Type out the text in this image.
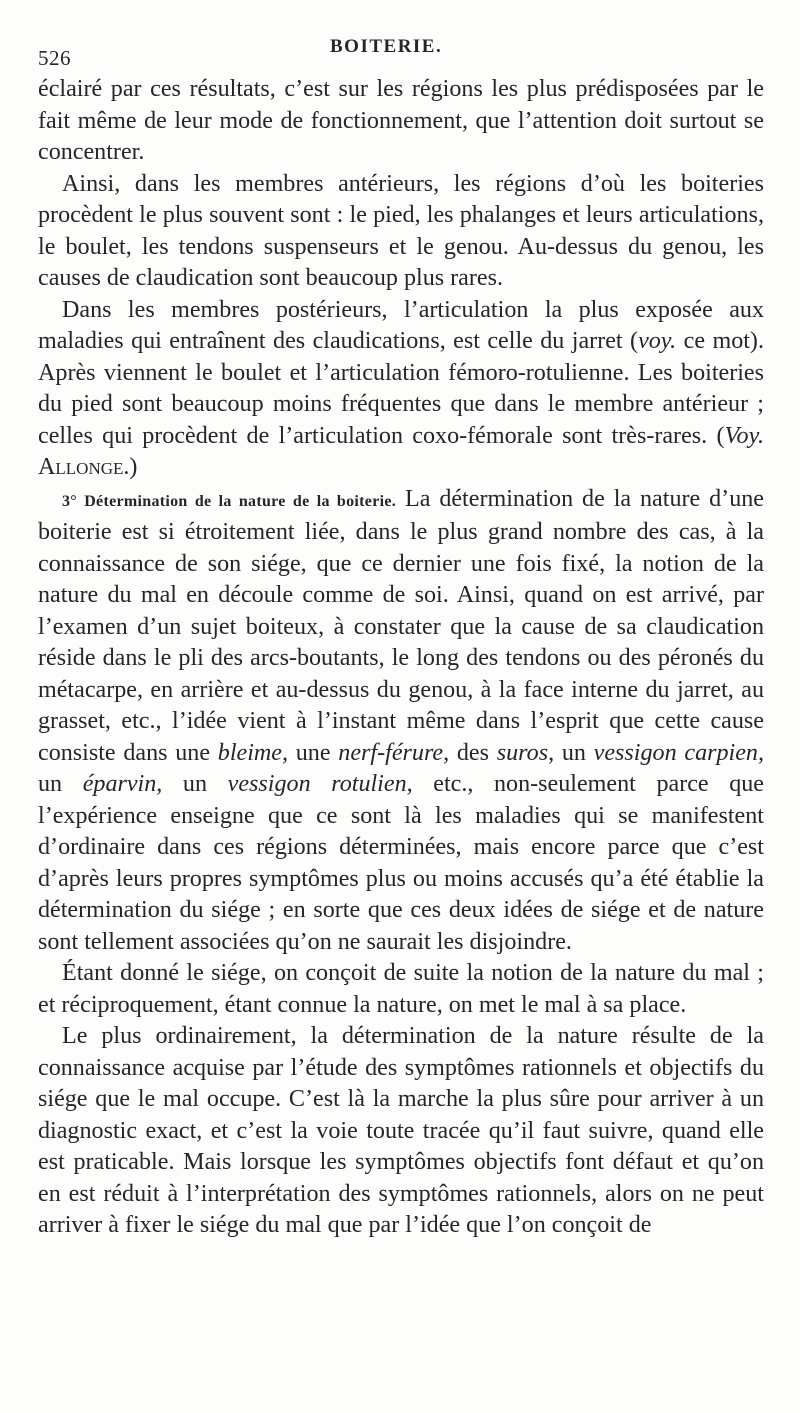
526	BOITERIE.

éclairé par ces résultats, c’est sur les régions les plus prédisposées par le fait même de leur mode de fonctionnement, que l’attention doit surtout se concentrer.

Ainsi, dans les membres antérieurs, les régions d’où les boiteries procèdent le plus souvent sont : le pied, les phalanges et leurs articulations, le boulet, les tendons suspenseurs et le genou. Au-dessus du genou, les causes de claudication sont beaucoup plus rares.

Dans les membres postérieurs, l’articulation la plus exposée aux maladies qui entraînent des claudications, est celle du jarret (voy. ce mot). Après viennent le boulet et l’articulation fémoro-rotulienne. Les boiteries du pied sont beaucoup moins fréquentes que dans le membre antérieur ; celles qui procèdent de l’articulation coxo-fémorale sont très-rares. (Voy. Allonge.)

3° Détermination de la nature de la boiterie. La détermination de la nature d’une boiterie est si étroitement liée, dans le plus grand nombre des cas, à la connaissance de son siége, que ce dernier une fois fixé, la notion de la nature du mal en découle comme de soi. Ainsi, quand on est arrivé, par l’examen d’un sujet boiteux, à constater que la cause de sa claudication réside dans le pli des arcs-boutants, le long des tendons ou des péronés du métacarpe, en arrière et au-dessus du genou, à la face interne du jarret, au grasset, etc., l’idée vient à l’instant même dans l’esprit que cette cause consiste dans une bleime, une nerf-férure, des suros, un vessigon carpien, un éparvin, un vessigon rotulien, etc., non-seulement parce que l’expérience enseigne que ce sont là les maladies qui se manifestent d’ordinaire dans ces régions déterminées, mais encore parce que c’est d’après leurs propres symptômes plus ou moins accusés qu’a été établie la détermination du siége ; en sorte que ces deux idées de siége et de nature sont tellement associées qu’on ne saurait les disjoindre.

Étant donné le siége, on conçoit de suite la notion de la nature du mal ; et réciproquement, étant connue la nature, on met le mal à sa place.

Le plus ordinairement, la détermination de la nature résulte de la connaissance acquise par l’étude des symptômes rationnels et objectifs du siége que le mal occupe. C’est là la marche la plus sûre pour arriver à un diagnostic exact, et c’est la voie toute tracée qu’il faut suivre, quand elle est praticable. Mais lorsque les symptômes objectifs font défaut et qu’on en est réduit à l’interprétation des symptômes rationnels, alors on ne peut arriver à fixer le siége du mal que par l’idée que l’on conçoit de
